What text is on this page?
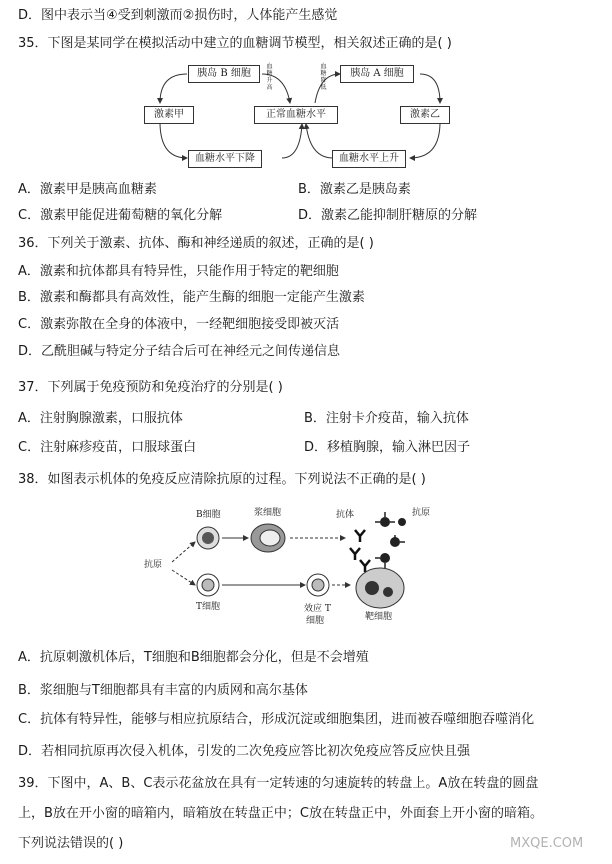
D．图中表示当④受到刺激而②损伤时，人体能产生感觉
35．下图是某同学在模拟活动中建立的血糖调节模型，相关叙述正确的是( )
胰岛 B 细胞	胰岛 A 细胞
激素甲	正常血糖水平	激素乙
血糖水平下降	血糖水平上升
血糖升高
血糖降低
A．激素甲是胰高血糖素	B．激素乙是胰岛素
C．激素甲能促进葡萄糖的氧化分解	D．激素乙能抑制肝糖原的分解
36．下列关于激素、抗体、酶和神经递质的叙述，正确的是( )
A．激素和抗体都具有特异性，只能作用于特定的靶细胞
B．激素和酶都具有高效性，能产生酶的细胞一定能产生激素
C．激素弥散在全身的体液中，一经靶细胞接受即被灭活
D．乙酰胆碱与特定分子结合后可在神经元之间传递信息
37．下列属于免疫预防和免疫治疗的分别是( )
A．注射胸腺激素，口服抗体	B．注射卡介疫苗，输入抗体
C．注射麻疹疫苗，口服球蛋白	D．移植胸腺，输入淋巴因子
38．如图表示机体的免疫反应清除抗原的过程。下列说法不正确的是( )
B细胞	浆细胞	抗体	抗原
抗原
T细胞	效应 T
细胞	靶细胞
A．抗原刺激机体后，T细胞和B细胞都会分化，但是不会增殖
B．浆细胞与T细胞都具有丰富的内质网和高尔基体
C．抗体有特异性，能够与相应抗原结合，形成沉淀或细胞集团，进而被吞噬细胞吞噬消化
D．若相同抗原再次侵入机体，引发的二次免疫应答比初次免疫应答反应快且强
39．下图中，A、B、C表示花盆放在具有一定转速的匀速旋转的转盘上。A放在转盘的圆盘
上，B放在开小窗的暗箱内，暗箱放在转盘正中；C放在转盘正中，外面套上开小窗的暗箱。
下列说法错误的( )	MXQE.COM
